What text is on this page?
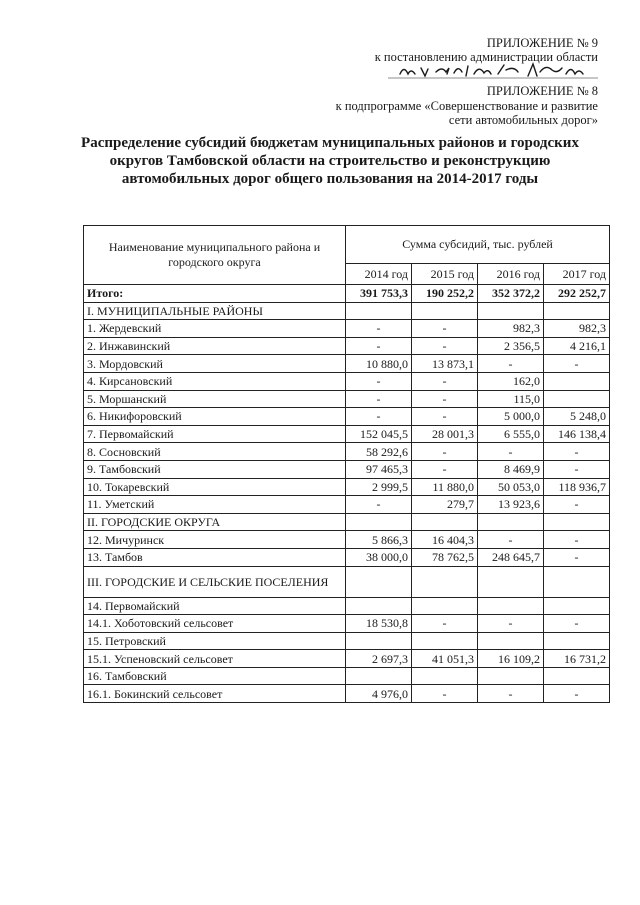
ПРИЛОЖЕНИЕ № 9
к постановлению администрации области
ПРИЛОЖЕНИЕ № 8
к подпрограмме «Совершенствование и развитие
сети автомобильных дорог»
Распределение субсидий бюджетам муниципальных районов и городских округов Тамбовской области на строительство и реконструкцию автомобильных дорог общего пользования на 2014-2017 годы
Наименование муниципального района и городского округа	Сумма субсидий, тыс. рублей			
	2014 год	2015 год	2016 год	2017 год
Итого:	391 753,3	190 252,2	352 372,2	292 252,7
I. МУНИЦИПАЛЬНЫЕ РАЙОНЫ				
1. Жердевский	-	-	982,3	982,3
2. Инжавинский	-	-	2 356,5	4 216,1
3. Мордовский	10 880,0	13 873,1	-	-
4. Кирсановский	-	-	162,0	
5. Моршанский	-	-	115,0	
6. Никифоровский	-	-	5 000,0	5 248,0
7. Первомайский	152 045,5	28 001,3	6 555,0	146 138,4
8. Сосновский	58 292,6	-	-	-
9. Тамбовский	97 465,3	-	8 469,9	-
10. Токаревский	2 999,5	11 880,0	50 053,0	118 936,7
11. Уметский	-	279,7	13 923,6	-
II. ГОРОДСКИЕ ОКРУГА				
12. Мичуринск	5 866,3	16 404,3	-	-
13. Тамбов	38 000,0	78 762,5	248 645,7	-
III. ГОРОДСКИЕ И СЕЛЬСКИЕ ПОСЕЛЕНИЯ				
14. Первомайский				
14.1. Хоботовский сельсовет	18 530,8	-	-	-
15. Петровский				
15.1. Успеновский сельсовет	2 697,3	41 051,3	16 109,2	16 731,2
16. Тамбовский				
16.1. Бокинский сельсовет	4 976,0	-	-	-
